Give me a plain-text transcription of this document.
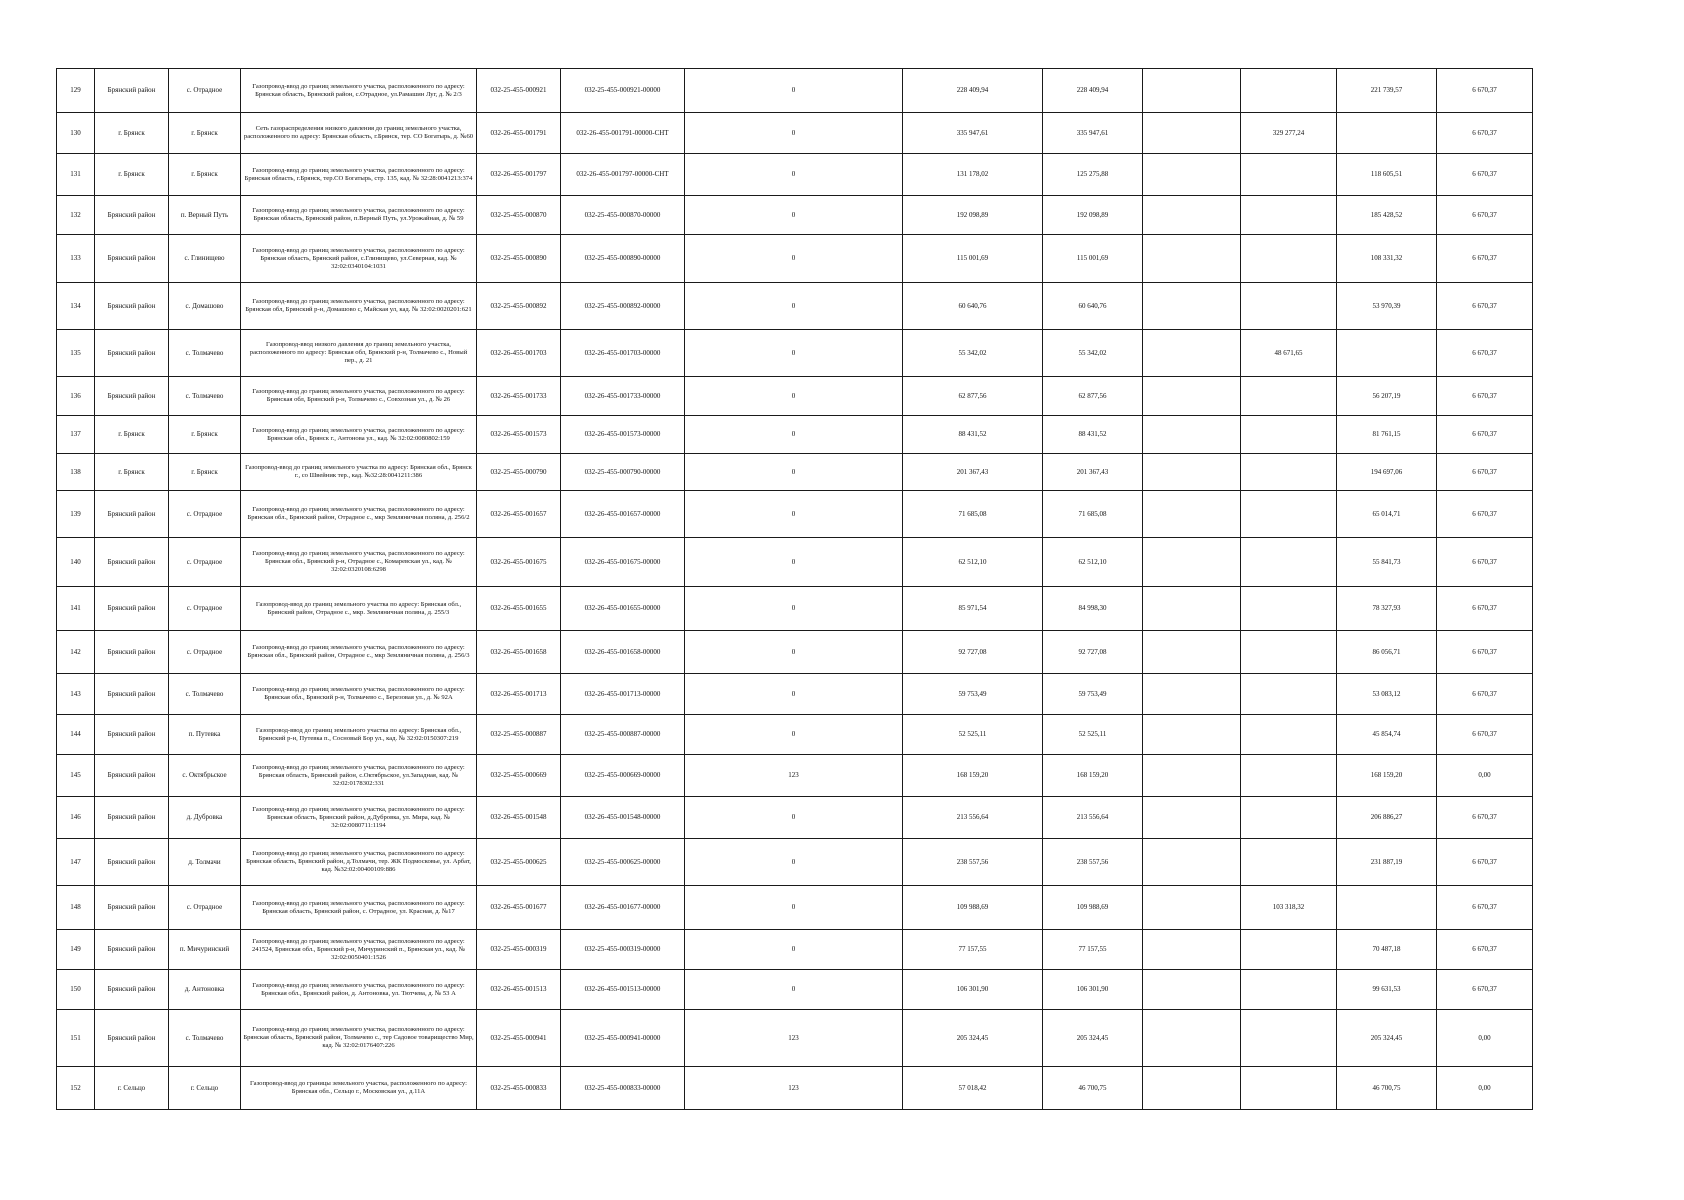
129	Брянский район	с. Отрадное	Газопровод-ввод до границ земельного участка, расположенного по адресу: Брянская область, Брянский район, с.Отрадное, ул.Рамашин Луг, д. № 2/3	032-25-455-000921	032-25-455-000921-00000	0	228 409,94	228 409,94			221 739,57	6 670,37
130	г. Брянск	г. Брянск	Сеть газораспределения низкого давления до границ земельного участка, расположенного по адресу: Брянская область, г.Брянск, тер. СО Богатырь, д. №60	032-26-455-001791	032-26-455-001791-00000-СНТ	0	335 947,61	335 947,61		329 277,24		6 670,37
131	г. Брянск	г. Брянск	Газопровод-ввод до границ земельного участка, расположенного по адресу: Брянская область, г.Брянск, тер.СО Богатырь, стр. 135, кад. № 32:28:0041213:374	032-26-455-001797	032-26-455-001797-00000-СНТ	0	131 178,02	125 275,88			118 605,51	6 670,37
132	Брянский район	п. Верный Путь	Газопровод-ввод до границ земельного участка, расположенного по адресу: Брянская область, Брянский район, п.Верный Путь, ул.Урожайная, д. № 59	032-25-455-000870	032-25-455-000870-00000	0	192 098,89	192 098,89			185 428,52	6 670,37
133	Брянский район	с. Глинищево	Газопровод-ввод до границ земельного участка, расположенного по адресу: Брянская область, Брянский район, с.Глинищево, ул.Северная, кад. № 32:02:0340104:1031	032-25-455-000890	032-25-455-000890-00000	0	115 001,69	115 001,69			108 331,32	6 670,37
134	Брянский район	с. Домашово	Газопровод-ввод до границ земельного участка, расположенного по адресу: Брянская обл, Брянский р-н, Домашово с, Майская ул, кад. № 32:02:0020201:621	032-25-455-000892	032-25-455-000892-00000	0	60 640,76	60 640,76			53 970,39	6 670,37
135	Брянский район	с. Толмачево	Газопровод-ввод низкого давления до границ земельного участка, расположенного по адресу: Брянская обл, Брянский р-н, Толмачево с., Новый пер., д. 21	032-26-455-001703	032-26-455-001703-00000	0	55 342,02	55 342,02		48 671,65		6 670,37
136	Брянский район	с. Толмачево	Газопровод-ввод до границ земельного участка, расположенного по адресу: Брянская обл, Брянский р-н, Толмачево с., Совхозная ул., д. № 26	032-26-455-001733	032-26-455-001733-00000	0	62 877,56	62 877,56			56 207,19	6 670,37
137	г. Брянск	г. Брянск	Газопровод-ввод до границ земельного участка, расположенного по адресу: Брянская обл., Брянск г., Антонова ул., кад. № 32:02:0080802:159	032-26-455-001573	032-26-455-001573-00000	0	88 431,52	88 431,52			81 761,15	6 670,37
138	г. Брянск	г. Брянск	Газопровод-ввод до границ земельного участка по адресу: Брянская обл., Брянск г., со Швейник тер., кад. №32:28:0041211:386	032-25-455-000790	032-25-455-000790-00000	0	201 367,43	201 367,43			194 697,06	6 670,37
139	Брянский район	с. Отрадное	Газопровод-ввод до границ земельного участка, расположенного по адресу: Брянская обл., Брянский район, Отрадное с., мкр Земляничная поляна, д. 256/2	032-26-455-001657	032-26-455-001657-00000	0	71 685,08	71 685,08			65 014,71	6 670,37
140	Брянский район	с. Отрадное	Газопровод-ввод до границ земельного участка, расположенного по адресу: Брянская обл., Брянский р-н, Отрадное с., Комаревская ул., кад. № 32:02:0320108:6298	032-26-455-001675	032-26-455-001675-00000	0	62 512,10	62 512,10			55 841,73	6 670,37
141	Брянский район	с. Отрадное	Газопровод-ввод до границ земельного участка по адресу: Брянская обл., Брянский район, Отрадное с., мкр. Земляничная поляна, д. 255/3	032-26-455-001655	032-26-455-001655-00000	0	85 971,54	84 998,30			78 327,93	6 670,37
142	Брянский район	с. Отрадное	Газопровод-ввод до границ земельного участка, расположенного по адресу: Брянская обл., Брянский район, Отрадное с., мкр Земляничная поляна, д. 256/3	032-26-455-001658	032-26-455-001658-00000	0	92 727,08	92 727,08			86 056,71	6 670,37
143	Брянский район	с. Толмачево	Газопровод-ввод до границ земельного участка, расположенного по адресу: Брянская обл., Брянский р-н, Толмачево с., Березовая ул., д. № 92А	032-26-455-001713	032-26-455-001713-00000	0	59 753,49	59 753,49			53 083,12	6 670,37
144	Брянский район	п. Путевка	Газопровод-ввод до границ земельного участка по адресу: Брянская обл., Брянский р-н, Путевка п., Сосновый Бор ул., кад. № 32:02:0150307:219	032-25-455-000887	032-25-455-000887-00000	0	52 525,11	52 525,11			45 854,74	6 670,37
145	Брянский район	с. Октябрьское	Газопровод-ввод до границ земельного участка, расположенного по адресу: Брянская область, Брянский район, с.Октябрьское, ул.Западная, кад. № 32:02:0178302:331	032-25-455-000669	032-25-455-000669-00000	123	168 159,20	168 159,20			168 159,20	0,00
146	Брянский район	д. Дубровка	Газопровод-ввод до границ земельного участка, расположенного по адресу: Брянская область, Брянский район, д.Дубровка, ул. Мира, кад. № 32:02:0080711:1194	032-26-455-001548	032-26-455-001548-00000	0	213 556,64	213 556,64			206 886,27	6 670,37
147	Брянский район	д. Толмачи	Газопровод-ввод до границ земельного участка, расположенного по адресу: Брянская область, Брянский район, д.Толмачи, тер. ЖК Подмосковье, ул. Арбат, кад. №32:02:00400109:886	032-25-455-000625	032-25-455-000625-00000	0	238 557,56	238 557,56			231 887,19	6 670,37
148	Брянский район	с. Отрадное	Газопровод-ввод до границ земельного участка, расположенного по адресу: Брянская область, Брянский район, с. Отрадное, ул. Красная, д. №17	032-26-455-001677	032-26-455-001677-00000	0	109 988,69	109 988,69		103 318,32		6 670,37
149	Брянский район	п. Мичуринский	Газопровод-ввод до границ земельного участка, расположенного по адресу: 241524, Брянская обл., Брянский р-н, Мичуринский п., Брянская ул., кад. № 32:02:0050401:1526	032-25-455-000319	032-25-455-000319-00000	0	77 157,55	77 157,55			70 487,18	6 670,37
150	Брянский район	д. Антоновка	Газопровод-ввод до границ земельного участка, расположенного по адресу: Брянская обл., Брянский район, д. Антоновка, ул. Тютчева, д. № 53 А	032-26-455-001513	032-26-455-001513-00000	0	106 301,90	106 301,90			99 631,53	6 670,37
151	Брянский район	с. Толмачево	Газопровод-ввод до границ земельного участка, расположенного по адресу: Брянская область, Брянский район, Толмачево с., тер Садовое товарищество Мир, кад. № 32:02:0176407:226	032-25-455-000941	032-25-455-000941-00000	123	205 324,45	205 324,45			205 324,45	0,00
152	г. Сельцо	г. Сельцо	Газопровод-ввод до границы земельного участка, расположенного по адресу: Брянская обл., Сельцо г., Московская ул., д.11А	032-25-455-000833	032-25-455-000833-00000	123	57 018,42	46 700,75			46 700,75	0,00
